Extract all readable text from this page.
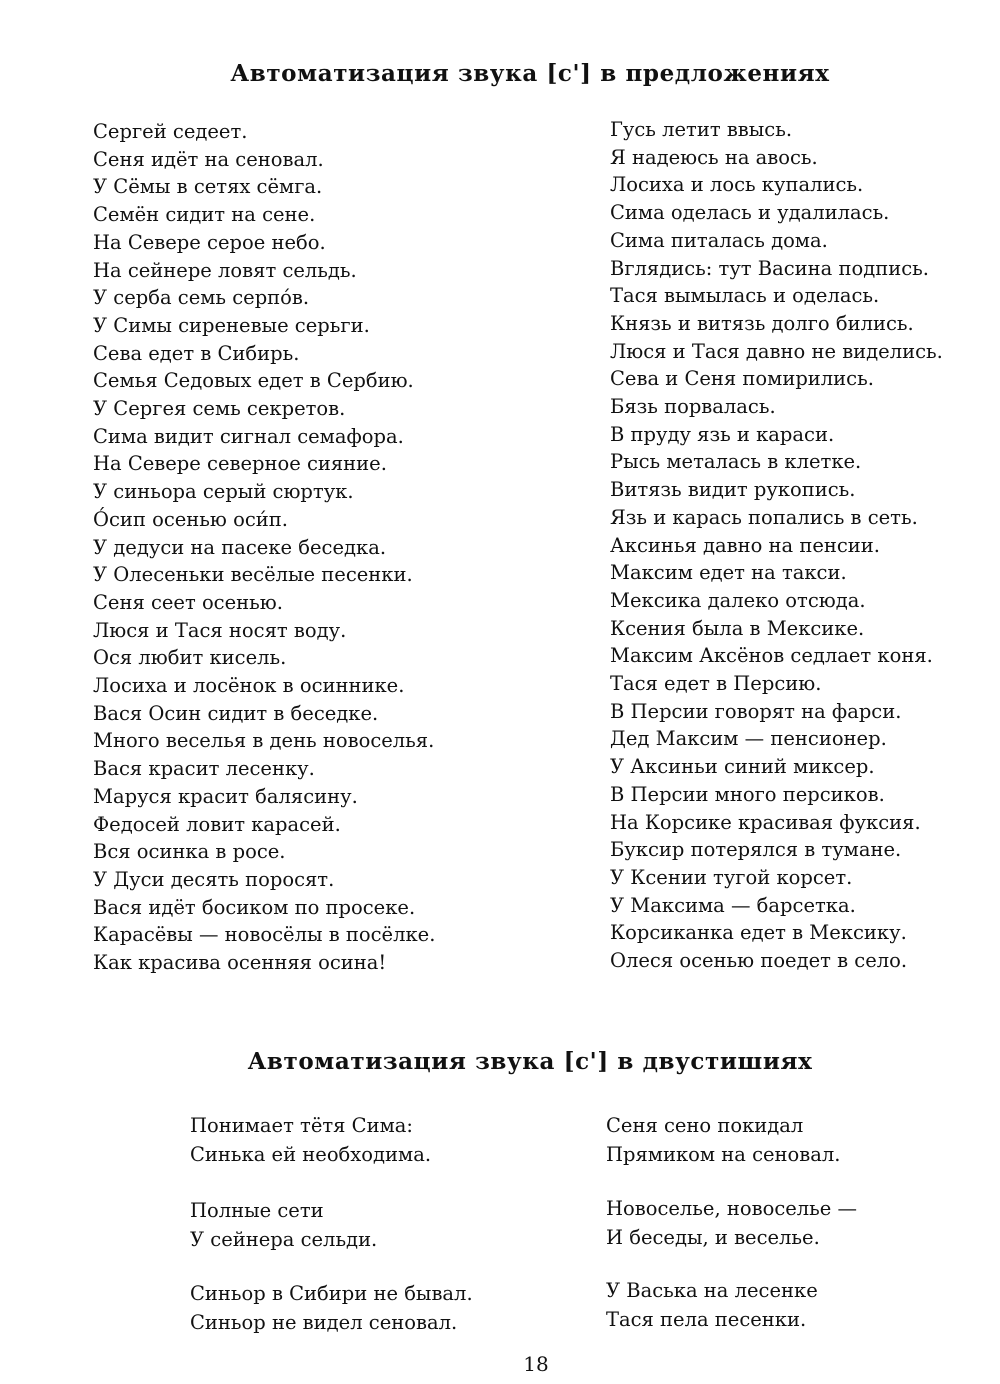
Автоматизация звука [с'] в предложениях
Сергей седеет.
Сеня идёт на сеновал.
У Сёмы в сетях сёмга.
Семён сидит на сене.
На Севере серое небо.
На сейнере ловят сельдь.
У серба семь серпо́в.
У Симы сиреневые серьги.
Сева едет в Сибирь.
Семья Седовых едет в Сербию.
У Сергея семь секретов.
Сима видит сигнал семафора.
На Севере северное сияние.
У синьора серый сюртук.
О́сип осенью оси́п.
У дедуси на пасеке беседка.
У Олесеньки весёлые песенки.
Сеня сеет осенью.
Люся и Тася носят воду.
Ося любит кисель.
Лосиха и лосёнок в осиннике.
Вася Осин сидит в беседке.
Много веселья в день новоселья.
Вася красит лесенку.
Маруся красит балясину.
Федосей ловит карасей.
Вся осинка в росе.
У Дуси десять поросят.
Вася идёт босиком по просеке.
Карасёвы — новосёлы в посёлке.
Как красива осенняя осина!
Гусь летит ввысь.
Я надеюсь на авось.
Лосиха и лось купались.
Сима оделась и удалилась.
Сима питалась дома.
Вглядись: тут Васина подпись.
Тася вымылась и оделась.
Князь и витязь долго бились.
Люся и Тася давно не виделись.
Сева и Сеня помирились.
Бязь порвалась.
В пруду язь и караси.
Рысь металась в клетке.
Витязь видит рукопись.
Язь и карась попались в сеть.
Аксинья давно на пенсии.
Максим едет на такси.
Мексика далеко отсюда.
Ксения была в Мексике.
Максим Аксёнов седлает коня.
Тася едет в Персию.
В Персии говорят на фарси.
Дед Максим — пенсионер.
У Аксиньи синий миксер.
В Персии много персиков.
На Корсике красивая фуксия.
Буксир потерялся в тумане.
У Ксении тугой корсет.
У Максима — барсетка.
Корсиканка едет в Мексику.
Олеся осенью поедет в село.
Автоматизация звука [с'] в двустишиях
Понимает тётя Сима:
Синька ей необходима.
Полные сети
У сейнера сельди.
Синьор в Сибири не бывал.
Синьор не видел сеновал.
Сеня сено покидал
Прямиком на сеновал.
Новоселье, новоселье —
И беседы, и веселье.
У Васька на лесенке
Тася пела песенки.
18
